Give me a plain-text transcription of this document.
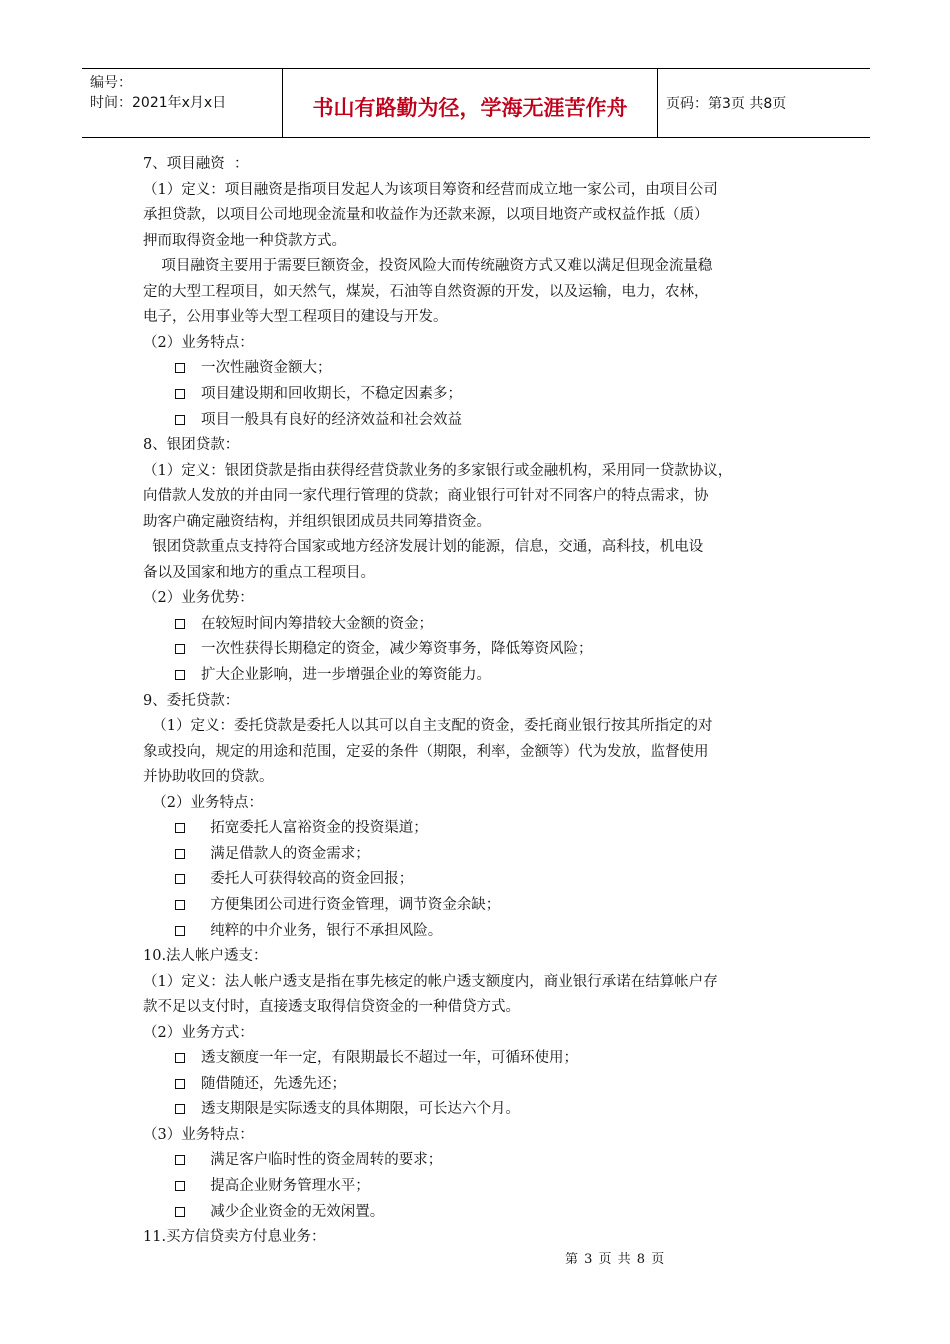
编号：
时间：2021年x月x日	书山有路勤为径，学海无涯苦作舟	页码：第3页 共8页
7、项目融资  ：
（1）定义：项目融资是指项目发起人为该项目筹资和经营而成立地一家公司，由项目公司
承担贷款，以项目公司地现金流量和收益作为还款来源，以项目地资产或权益作抵（质）
押而取得资金地一种贷款方式。
项目融资主要用于需要巨额资金，投资风险大而传统融资方式又难以满足但现金流量稳
定的大型工程项目，如天然气，煤炭，石油等自然资源的开发，以及运输，电力，农林，
电子，公用事业等大型工程项目的建设与开发。
（2）业务特点：
一次性融资金额大；
项目建设期和回收期长，不稳定因素多；
项目一般具有良好的经济效益和社会效益
8、银团贷款：
（1）定义：银团贷款是指由获得经营贷款业务的多家银行或金融机构，采用同一贷款协议，
向借款人发放的并由同一家代理行管理的贷款；商业银行可针对不同客户的特点需求，协
助客户确定融资结构，并组织银团成员共同筹措资金。
银团贷款重点支持符合国家或地方经济发展计划的能源，信息，交通，高科技，机电设
备以及国家和地方的重点工程项目。
（2）业务优势：
在较短时间内筹措较大金额的资金；
一次性获得长期稳定的资金，减少筹资事务，降低筹资风险；
扩大企业影响，进一步增强企业的筹资能力。
9、委托贷款：
（1）定义：委托贷款是委托人以其可以自主支配的资金，委托商业银行按其所指定的对
象或投向，规定的用途和范围，定妥的条件（期限，利率，金额等）代为发放，监督使用
并协助收回的贷款。
（2）业务特点：
拓宽委托人富裕资金的投资渠道；
满足借款人的资金需求；
委托人可获得较高的资金回报；
方便集团公司进行资金管理，调节资金余缺；
纯粹的中介业务，银行不承担风险。
10.法人帐户透支：
（1）定义：法人帐户透支是指在事先核定的帐户透支额度内，商业银行承诺在结算帐户存
款不足以支付时，直接透支取得信贷资金的一种借贷方式。
（2）业务方式：
透支额度一年一定，有限期最长不超过一年，可循环使用；
随借随还，先透先还；
透支期限是实际透支的具体期限，可长达六个月。
（3）业务特点：
满足客户临时性的资金周转的要求；
提高企业财务管理水平；
减少企业资金的无效闲置。
11.买方信贷卖方付息业务：
第 3 页 共 8 页
